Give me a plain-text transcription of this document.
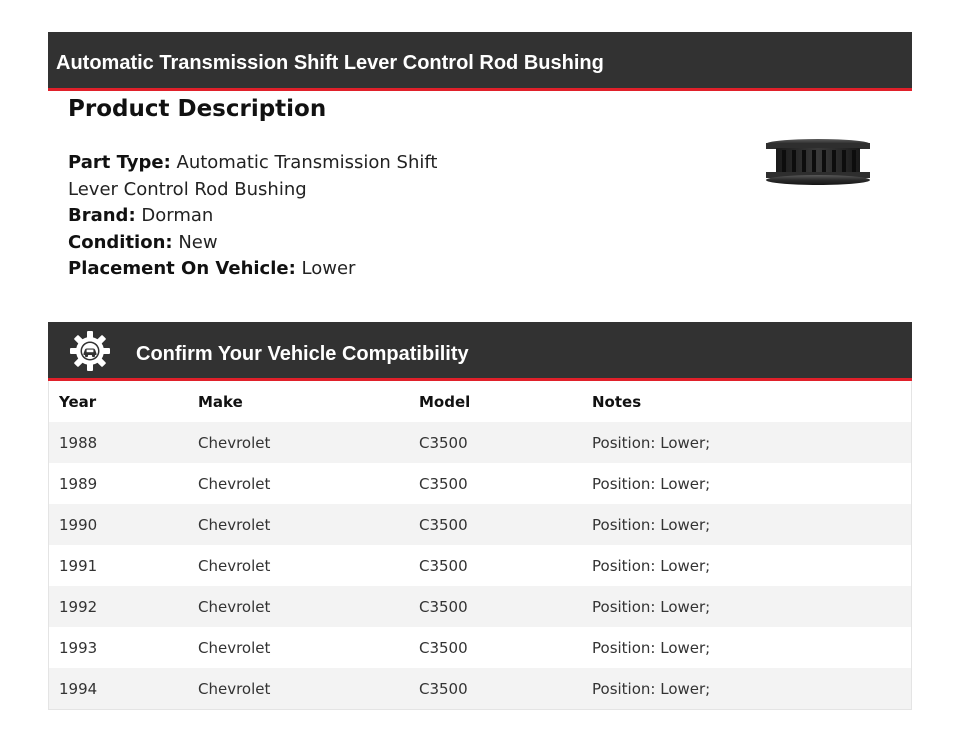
Automatic Transmission Shift Lever Control Rod Bushing
Product Description
Part Type: Automatic Transmission Shift Lever Control Rod Bushing
Brand: Dorman
Condition: New
Placement On Vehicle: Lower
Confirm Your Vehicle Compatibility
Year	Make	Model	Notes
1988	Chevrolet	C3500	Position: Lower;
1989	Chevrolet	C3500	Position: Lower;
1990	Chevrolet	C3500	Position: Lower;
1991	Chevrolet	C3500	Position: Lower;
1992	Chevrolet	C3500	Position: Lower;
1993	Chevrolet	C3500	Position: Lower;
1994	Chevrolet	C3500	Position: Lower;
